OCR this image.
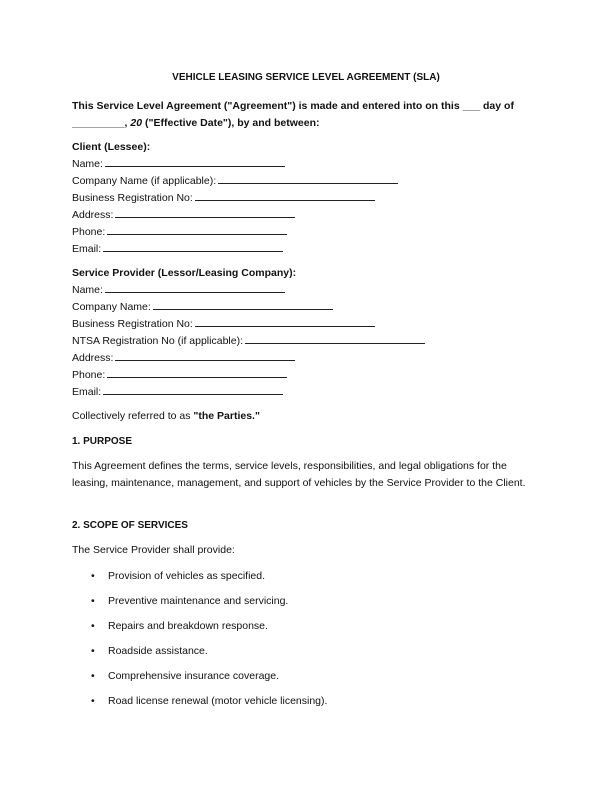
VEHICLE LEASING SERVICE LEVEL AGREEMENT (SLA)
This Service Level Agreement ("Agreement") is made and entered into on this ___ day of
_________, 20 ("Effective Date"), by and between:
Client (Lessee):
Name:
Company Name (if applicable):
Business Registration No:
Address:
Phone:
Email:
Service Provider (Lessor/Leasing Company):
Name:
Company Name:
Business Registration No:
NTSA Registration No (if applicable):
Address:
Phone:
Email:
Collectively referred to as "the Parties."
1. PURPOSE
This Agreement defines the terms, service levels, responsibilities, and legal obligations for the leasing, maintenance, management, and support of vehicles by the Service Provider to the Client.
2. SCOPE OF SERVICES
The Service Provider shall provide:
• Provision of vehicles as specified.
• Preventive maintenance and servicing.
• Repairs and breakdown response.
• Roadside assistance.
• Comprehensive insurance coverage.
• Road license renewal (motor vehicle licensing).
